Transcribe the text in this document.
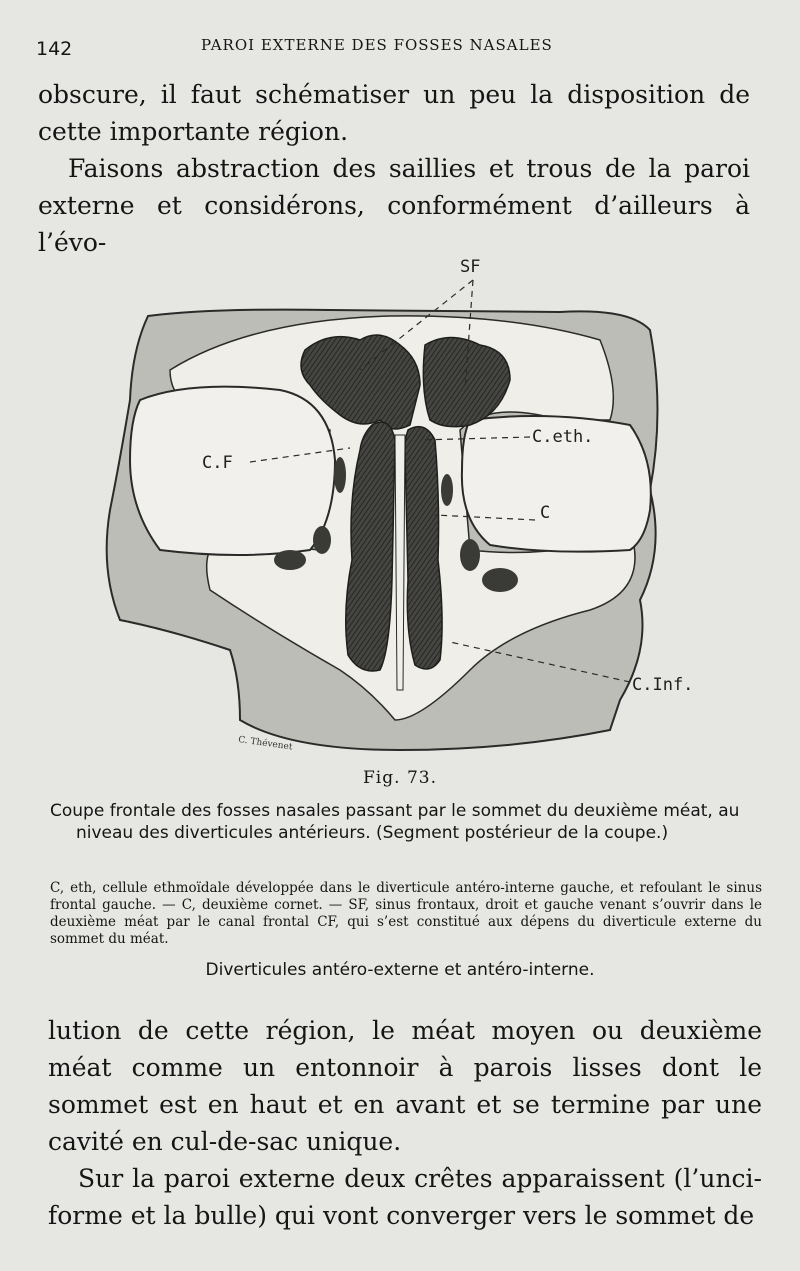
142	PAROI EXTERNE DES FOSSES NASALES

obscure, il faut schématiser un peu la disposition de cette importante région.

Faisons abstraction des saillies et trous de la paroi externe et considérons, conformément d’ailleurs à l’évo-

SF
C.eth.
C.F
C
C.Inf.
C. Thévenet
Fig. 73.

Coupe frontale des fosses nasales passant par le sommet du deuxième méat, au niveau des diverticules antérieurs. (Segment postérieur de la coupe.)

C, eth, cellule ethmoïdale développée dans le diverticule antéro-interne gauche, et refoulant le sinus frontal gauche. — C, deuxième cornet. — SF, sinus frontaux, droit et gauche venant s’ouvrir dans le deuxième méat par le canal frontal CF, qui s’est constitué aux dépens du diverticule externe du sommet du méat.

Diverticules antéro-externe et antéro-interne.

lution de cette région, le méat moyen ou deuxième méat comme un entonnoir à parois lisses dont le sommet est en haut et en avant et se termine par une cavité en cul-de-sac unique.

Sur la paroi externe deux crêtes apparaissent (l’unci-forme et la bulle) qui vont converger vers le sommet de
